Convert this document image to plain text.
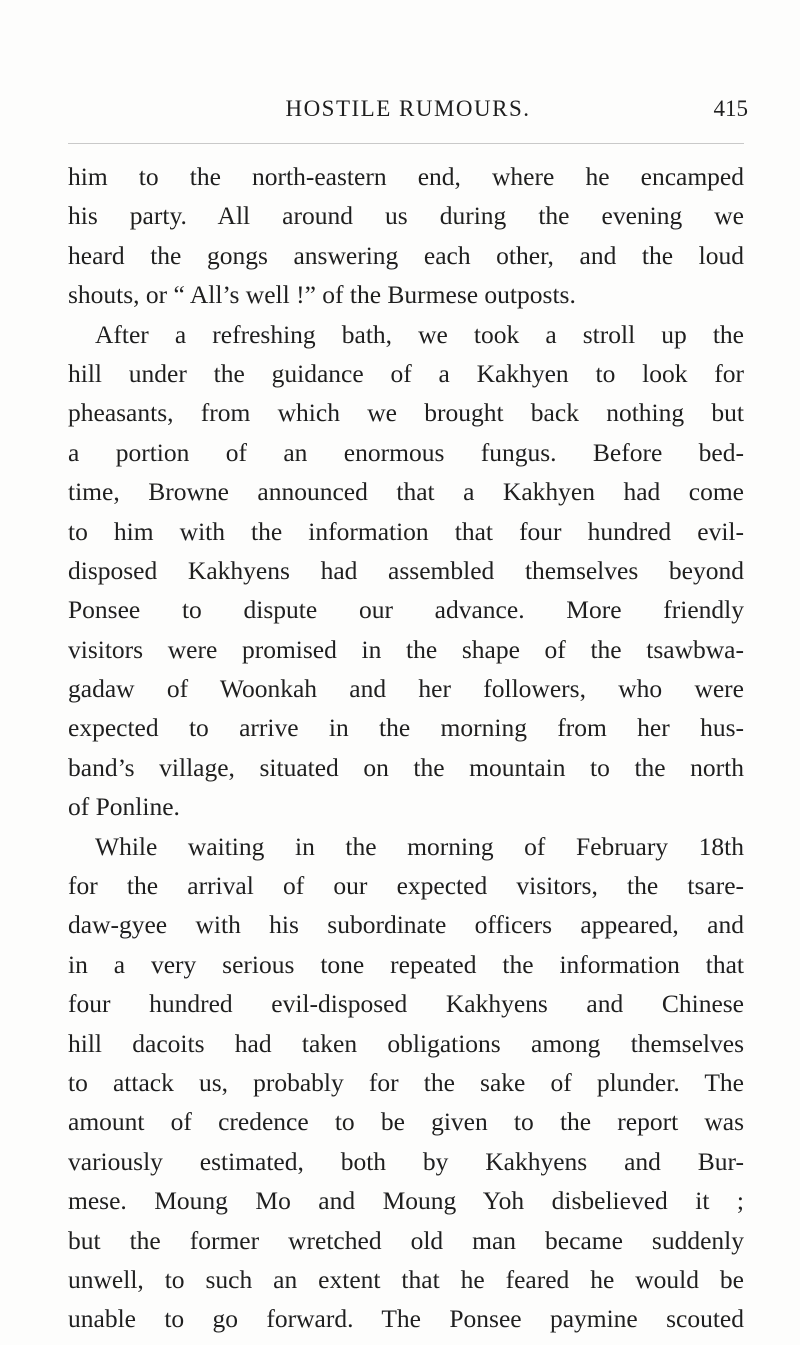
HOSTILE RUMOURS.	415
him to the north-eastern end, where he encamped
his party. All around us during the evening we
heard the gongs answering each other, and the loud
shouts, or “ All’s well !” of the Burmese outposts.
After a refreshing bath, we took a stroll up the
hill under the guidance of a Kakhyen to look for
pheasants, from which we brought back nothing but
a portion of an enormous fungus. Before bed-
time, Browne announced that a Kakhyen had come
to him with the information that four hundred evil-
disposed Kakhyens had assembled themselves beyond
Ponsee to dispute our advance. More friendly
visitors were promised in the shape of the tsawbwa-
gadaw of Woonkah and her followers, who were
expected to arrive in the morning from her hus-
band’s village, situated on the mountain to the north
of Ponline.
While waiting in the morning of February 18th
for the arrival of our expected visitors, the tsare-
daw-gyee with his subordinate officers appeared, and
in a very serious tone repeated the information that
four hundred evil-disposed Kakhyens and Chinese
hill dacoits had taken obligations among themselves
to attack us, probably for the sake of plunder. The
amount of credence to be given to the report was
variously estimated, both by Kakhyens and Bur-
mese. Moung Mo and Moung Yoh disbelieved it ;
but the former wretched old man became suddenly
unwell, to such an extent that he feared he would be
unable to go forward. The Ponsee paymine scouted
